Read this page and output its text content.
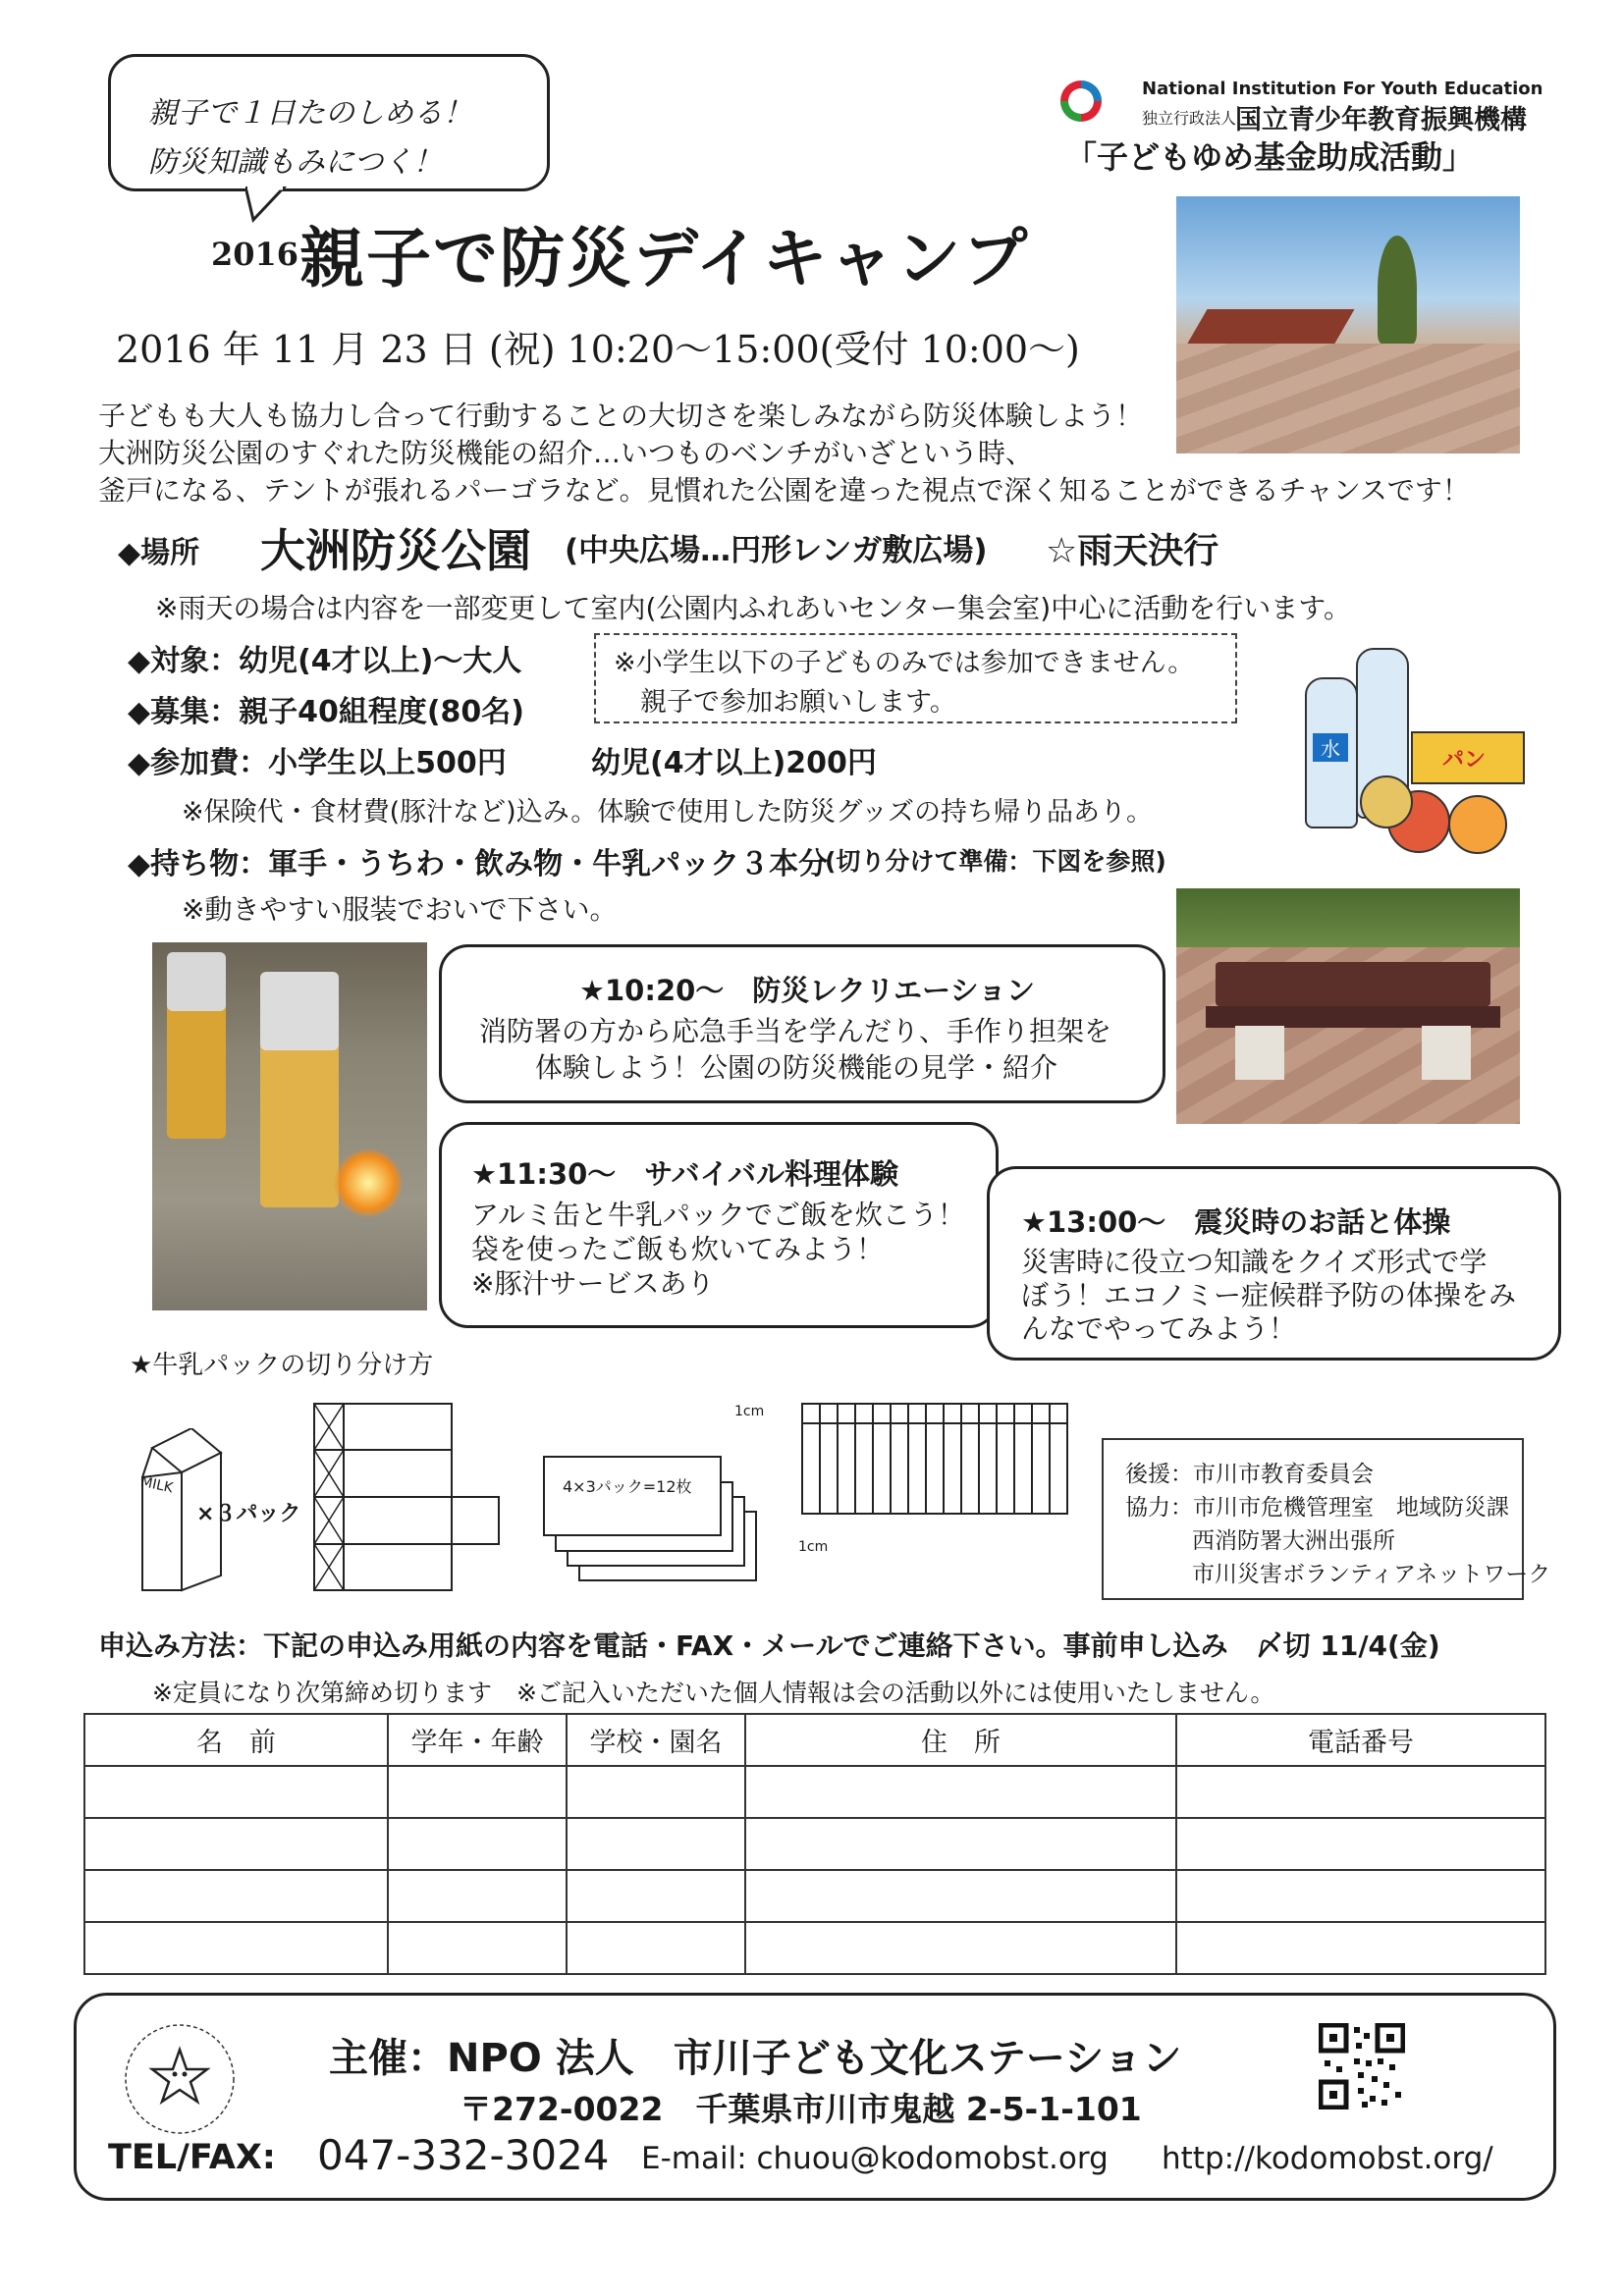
親子で１日たのしめる！
防災知識もみにつく！
National Institution For Youth Education
独立行政法人
国立青少年教育振興機構
「子どもゆめ基金助成活動」
2016 親子で防災デイキャンプ
2016 年 11 月 23 日 (祝) 10:20〜15:00(受付 10:00〜)
子どもも大人も協力し合って行動することの大切さを楽しみながら防災体験しよう！
大洲防災公園のすぐれた防災機能の紹介…いつものベンチがいざという時、
釜戸になる、テントが張れるパーゴラなど。見慣れた公園を違った視点で深く知ることができるチャンスです！
◆場所 大洲防災公園 (中央広場…円形レンガ敷広場) ☆雨天決行
※雨天の場合は内容を一部変更して室内(公園内ふれあいセンター集会室)中心に活動を行います。
◆対象：幼児(4才以上)〜大人
◆募集：親子40組程度(80名)
※小学生以下の子どものみでは参加できません。
親子で参加お願いします。
◆参加費：小学生以上500円	幼児(4才以上)200円
※保険代・食材費(豚汁など)込み。体験で使用した防災グッズの持ち帰り品あり。
◆持ち物：軍手・うちわ・飲み物・牛乳パック３本分
(切り分けて準備：下図を参照)
※動きやすい服装でおいで下さい。
水	パン
★10:20〜　防災レクリエーション
消防署の方から応急手当を学んだり、手作り担架を
体験しよう！公園の防災機能の見学・紹介
★11:30〜　サバイバル料理体験
アルミ缶と牛乳パックでご飯を炊こう！
袋を使ったご飯も炊いてみよう！
※豚汁サービスあり
★13:00〜　震災時のお話と体操
災害時に役立つ知識をクイズ形式で学
ぼう！エコノミー症候群予防の体操をみ
んなでやってみよう！
★牛乳パックの切り分け方
MILK
×３パック
4×3パック=12枚
1cm
1cm
後援：市川市教育委員会
協力：市川市危機管理室　地域防災課
西消防署大洲出張所
市川災害ボランティアネットワーク
申込み方法：下記の申込み用紙の内容を電話・FAX・メールでご連絡下さい。事前申し込み　〆切 11/4(金)
※定員になり次第締め切ります　※ご記入いただいた個人情報は会の活動以外には使用いたしません。
名　前	学年・年齢	学校・園名	住　所	電話番号

主催：NPO 法人　市川子ども文化ステーション
〒272-0022　千葉県市川市鬼越 2-5-1-101
TEL/FAX: 047-332-3024 E-mail: chuou@kodomobst.org http://kodomobst.org/
